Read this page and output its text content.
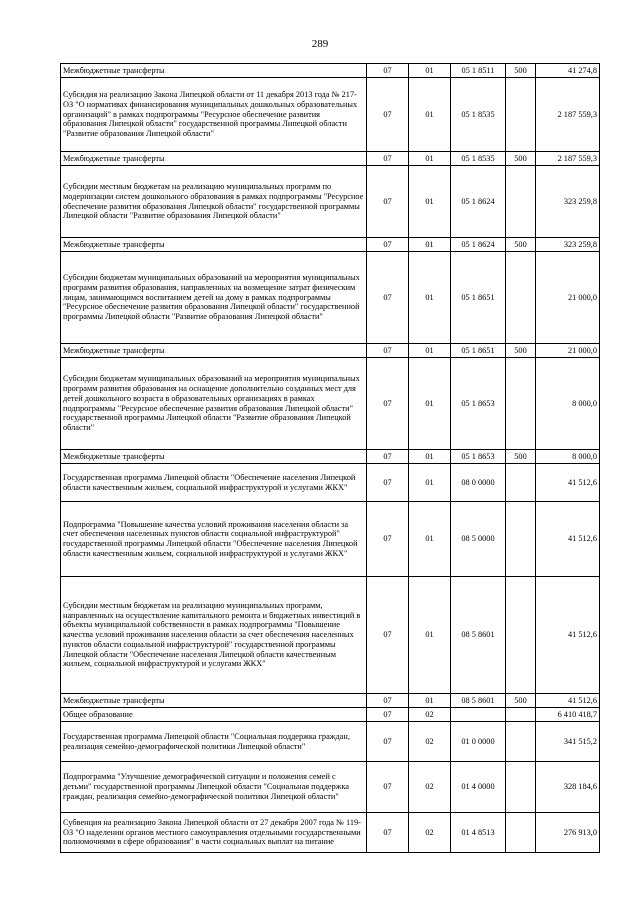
289
Межбюджетные трансферты	07	01	05 1 8511	500	41 274,8
Субсидия на реализацию Закона Липецкой области от 11 декабря 2013 года № 217-ОЗ "О нормативах финансирования муниципальных дошкольных образовательных организаций" в рамках подпрограммы "Ресурсное обеспечение развития образования Липецкой области" государственной программы Липецкой области "Развитие образования Липецкой области"	07	01	05 1 8535		2 187 559,3
Межбюджетные трансферты	07	01	05 1 8535	500	2 187 559,3
Субсидии местным бюджетам на реализацию муниципальных программ по модернизации систем дошкольного образования в рамках подпрограммы "Ресурсное обеспечение развития образования Липецкой области" государственной программы Липецкой области "Развитие образования Липецкой области"	07	01	05 1 8624		323 259,8
Межбюджетные трансферты	07	01	05 1 8624	500	323 259,8
Субсидии бюджетам муниципальных образований на мероприятия муниципальных программ развития образования, направленных на возмещение затрат физическим лицам, занимающимся воспитанием детей на дому в рамках подпрограммы "Ресурсное обеспечение развития образования Липецкой области" государственной программы Липецкой области "Развитие образования Липецкой области"	07	01	05 1 8651		21 000,0
Межбюджетные трансферты	07	01	05 1 8651	500	21 000,0
Субсидии бюджетам муниципальных образований на мероприятия муниципальных программ развития образования на оснащение дополнительно созданных мест для детей дошкольного возраста в образовательных организациях в рамках подпрограммы "Ресурсное обеспечение развития образования Липецкой области" государственной программы Липецкой области "Развитие образования Липецкой области"	07	01	05 1 8653		8 000,0
Межбюджетные трансферты	07	01	05 1 8653	500	8 000,0
Государственная программа Липецкой области "Обеспечение населения Липецкой области качественным жильем, социальной инфраструктурой и услугами ЖКХ"	07	01	08 0 0000		41 512,6
Подпрограмма "Повышение качества условий проживания населения области за счет обеспечения населенных пунктов области социальной инфраструктурой" государственной программы Липецкой области "Обеспечение населения Липецкой области качественным жильем, социальной инфраструктурой и услугами ЖКХ"	07	01	08 5 0000		41 512,6
Субсидии местным бюджетам на реализацию муниципальных программ, направленных на осуществление капитального ремонта и бюджетных инвестиций в объекты муниципальной собственности в рамках подпрограммы "Повышение качества условий проживания населения области за счет обеспечения населенных пунктов области социальной инфраструктурой" государственной программы Липецкой области "Обеспечение населения Липецкой области качественным жильем, социальной инфраструктурой и услугами ЖКХ"	07	01	08 5 8601		41 512,6
Межбюджетные трансферты	07	01	08 5 8601	500	41 512,6
Общее образование	07	02			6 410 418,7
Государственная программа Липецкой области "Социальная поддержка граждан, реализация семейно-демографической политики Липецкой области"	07	02	01 0 0000		341 515,2
Подпрограмма "Улучшение демографической ситуации и положения семей с детьми" государственной программы Липецкой области "Социальная поддержка граждан, реализация семейно-демографической политики Липецкой области"	07	02	01 4 0000		328 184,6
Субвенция на реализацию Закона Липецкой области от 27 декабря 2007 года № 119-ОЗ "О наделении органов местного самоуправления отдельными государственными полномочиями в сфере образования" в части социальных выплат на питание	07	02	01 4 8513		276 913,0
